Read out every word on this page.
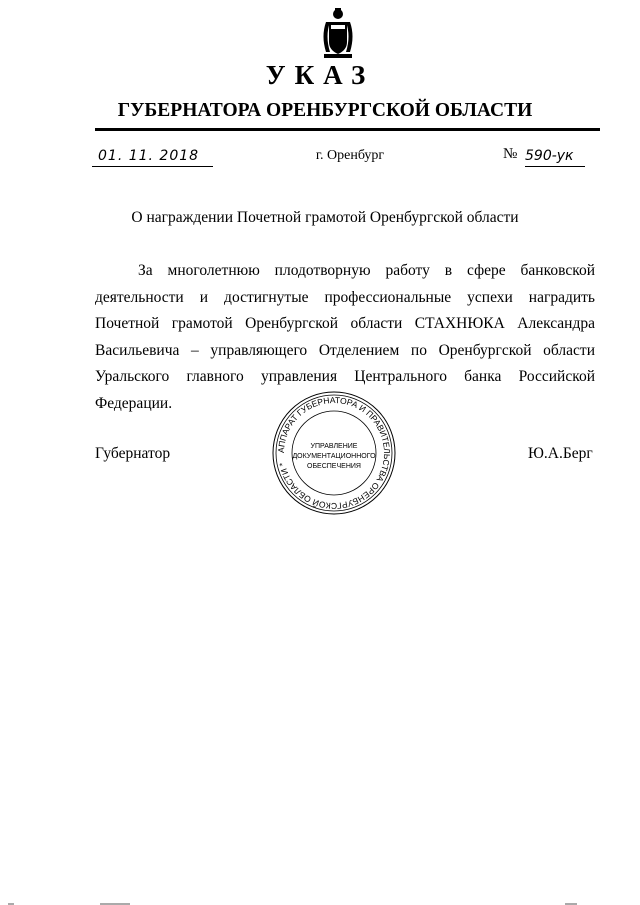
УКАЗ
ГУБЕРНАТОРА ОРЕНБУРГСКОЙ ОБЛАСТИ
01. 11. 2018	г. Оренбург	№ 590-ук
О награждении Почетной грамотой Оренбургской области
За многолетнюю плодотворную работу в сфере банковской деятельности и достигнутые профессиональные успехи наградить Почетной грамотой Оренбургской области СТАХНЮКА Александра Васильевича – управляющего Отделением по Оренбургской области Уральского главного управления Центрального банка Российской Федерации.
Губернатор	Ю.А.Берг
АППАРАТ ГУБЕРНАТОРА И ПРАВИТЕЛЬСТВА ОРЕНБУРГСКОЙ ОБЛАСТИ *
УПРАВЛЕНИЕ
ДОКУМЕНТАЦИОННОГО
ОБЕСПЕЧЕНИЯ
